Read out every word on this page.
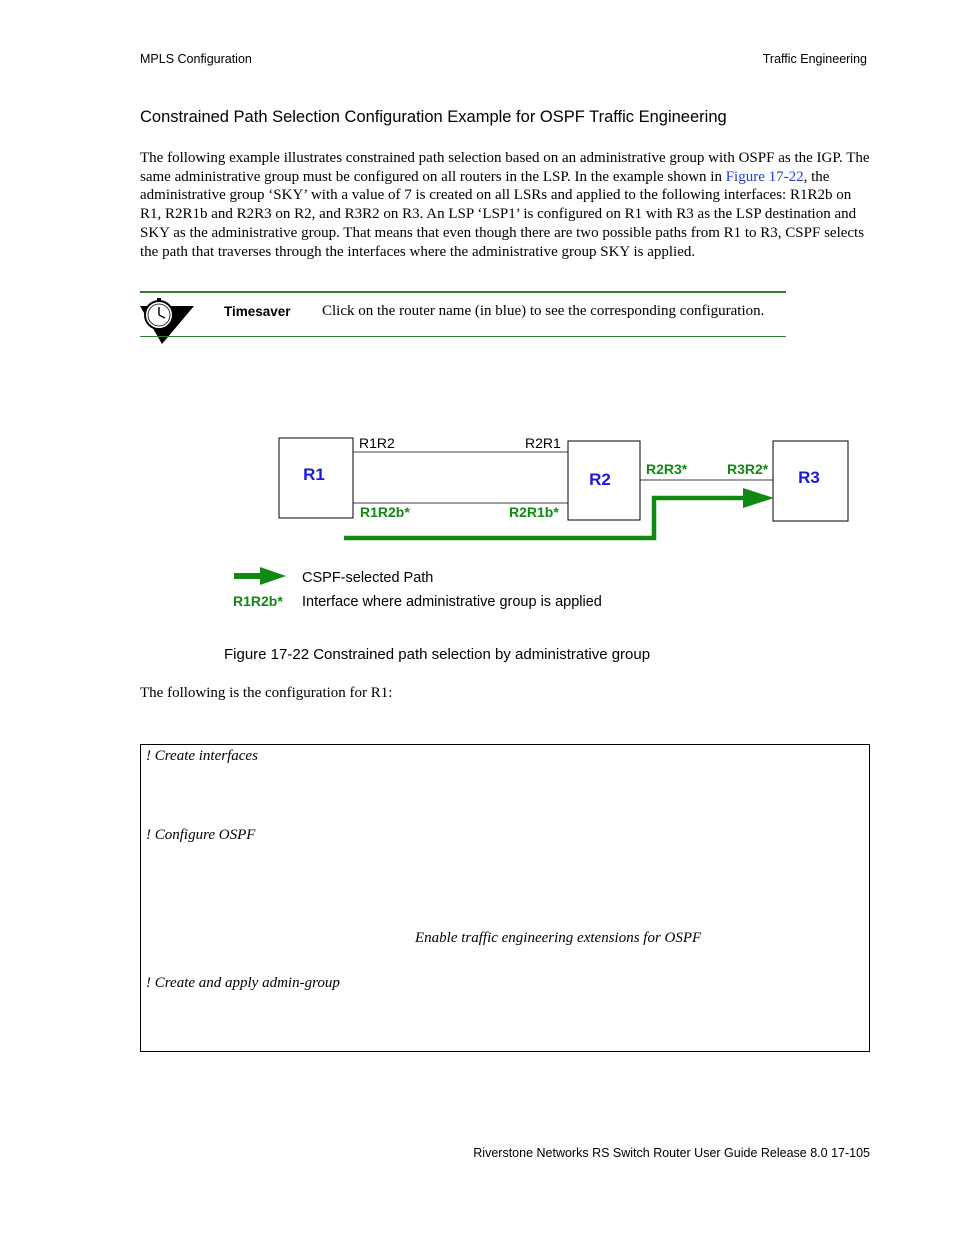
MPLS Configuration	Traffic Engineering
Constrained Path Selection Configuration Example for OSPF Traffic Engineering
The following example illustrates constrained path selection based on an administrative group with OSPF as the IGP. The same administrative group must be configured on all routers in the LSP. In the example shown in Figure 17-22, the administrative group ‘SKY’ with a value of 7 is created on all LSRs and applied to the following interfaces: R1R2b on R1, R2R1b and R2R3 on R2, and R3R2 on R3. An LSP ‘LSP1’ is configured on R1 with R3 as the LSP destination and SKY as the administrative group. That means that even though there are two possible paths from R1 to R3, CSPF selects the path that traverses through the interfaces where the administrative group SKY is applied.
Timesaver Click on the router name (in blue) to see the corresponding configuration.
R1	R2	R3
R1R2	R2R1
R1R2b*	R2R1b*
R2R3*	R3R2*
CSPF-selected Path
R1R2b* Interface where administrative group is applied
Figure 17-22 Constrained path selection by administrative group
The following is the configuration for R1:
! Create interfaces
! Configure OSPF
Enable traffic engineering extensions for OSPF
! Create and apply admin-group
Riverstone Networks RS Switch Router User Guide Release 8.0 17-105
